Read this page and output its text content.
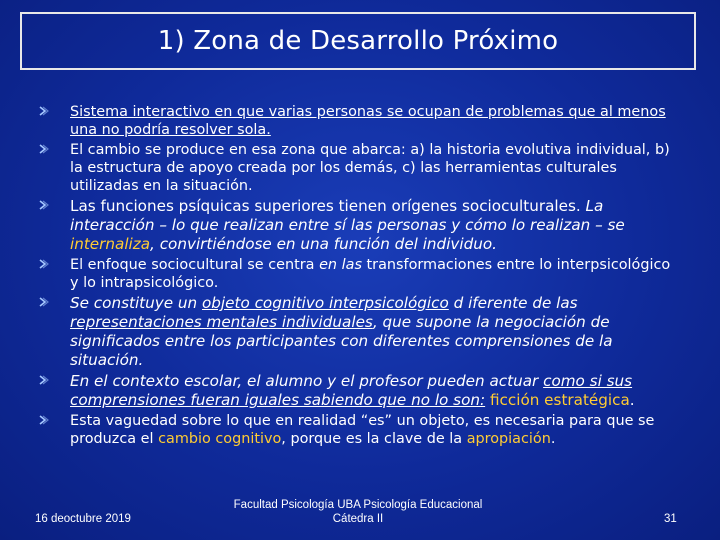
1) Zona de Desarrollo Próximo
Sistema interactivo en que varias personas se ocupan de problemas que al menos una no podría resolver sola.
El cambio se produce en esa zona que abarca: a) la historia evolutiva individual, b) la estructura de apoyo creada por los demás, c) las herramientas culturales utilizadas en la situación.
Las funciones psíquicas superiores tienen orígenes socioculturales. La interacción – lo que realizan entre sí las personas y cómo lo realizan – se internaliza, convirtiéndose en una función del individuo.
El enfoque sociocultural se centra en las transformaciones entre lo interpsicológico y lo intrapsicológico.
Se constituye un objeto cognitivo interpsicológico d iferente de las representaciones mentales individuales, que supone la negociación de significados entre los participantes con diferentes comprensiones de la situación.
En el contexto escolar, el alumno y el profesor pueden actuar como si sus comprensiones fueran iguales sabiendo que no lo son: ficción estratégica.
Esta vaguedad sobre lo que en realidad “es” un objeto, es necesaria para que se produzca el cambio cognitivo, porque es la clave de la apropiación.
16 deoctubre 2019
Facultad Psicología UBA Psicología Educacional
Cátedra II	31
